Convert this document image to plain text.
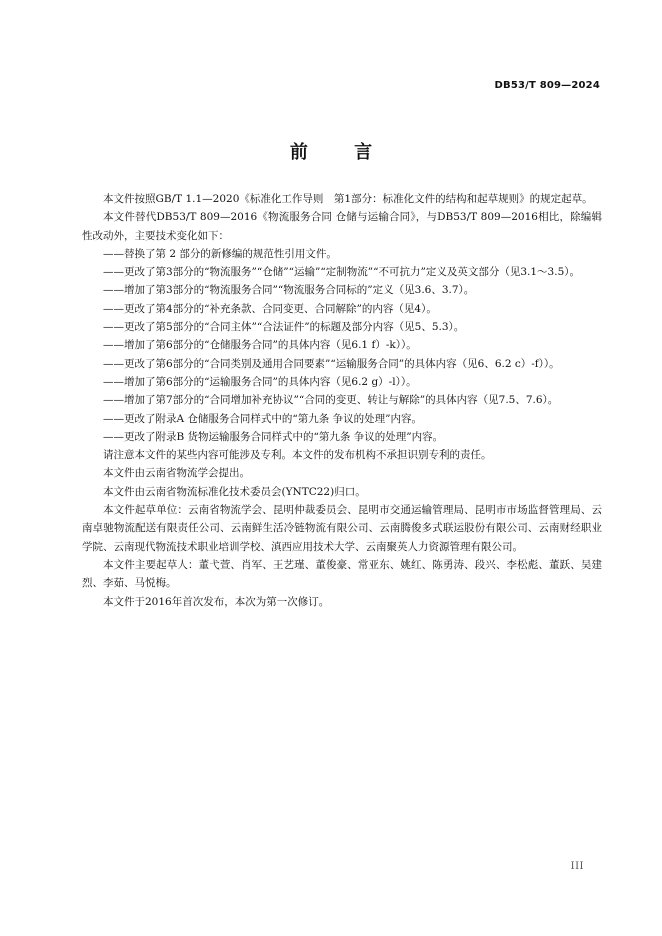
DB53/T 809—2024
前 言

本文件按照GB/T 1.1—2020《标准化工作导则　第1部分：标准化文件的结构和起草规则》的规定起草。

本文件替代DB53/T 809—2016《物流服务合同 仓储与运输合同》，与DB53/T 809—2016相比，除编辑性改动外，主要技术变化如下：

——替换了第 2 部分的新修编的规范性引用文件。

——更改了第3部分的“物流服务”“仓储”“运输”“定制物流”“不可抗力”定义及英文部分（见3.1～3.5）。

——增加了第3部分的“物流服务合同”“物流服务合同标的”定义（见3.6、3.7）。

——更改了第4部分的“补充条款、合同变更、合同解除”的内容（见4）。

——更改了第5部分的“合同主体”“合法证件”的标题及部分内容（见5、5.3）。

——增加了第6部分的“仓储服务合同”的具体内容（见6.1 f）-k））。

——更改了第6部分的“合同类别及通用合同要素”“运输服务合同”的具体内容（见6、6.2 c）-f））。

——增加了第6部分的“运输服务合同”的具体内容（见6.2 g）-l））。

——增加了第7部分的“合同增加补充协议”“合同的变更、转让与解除”的具体内容（见7.5、7.6）。

——更改了附录A 仓储服务合同样式中的“第九条 争议的处理”内容。

——更改了附录B 货物运输服务合同样式中的“第九条 争议的处理”内容。

请注意本文件的某些内容可能涉及专利。本文件的发布机构不承担识别专利的责任。

本文件由云南省物流学会提出。

本文件由云南省物流标准化技术委员会(YNTC22)归口。

本文件起草单位：云南省物流学会、昆明仲裁委员会、昆明市交通运输管理局、昆明市市场监督管理局、云南卓驰物流配送有限责任公司、云南鲜生活冷链物流有限公司、云南腾俊多式联运股份有限公司、云南财经职业学院、云南现代物流技术职业培训学校、滇西应用技术大学、云南聚英人力资源管理有限公司。

本文件主要起草人：董弋萱、肖军、王艺瑾、董俊豪、常亚东、姚红、陈勇涛、段兴、李松彪、董跃、吴建烈、李茹、马悦梅。

本文件于2016年首次发布，本次为第一次修订。

III
